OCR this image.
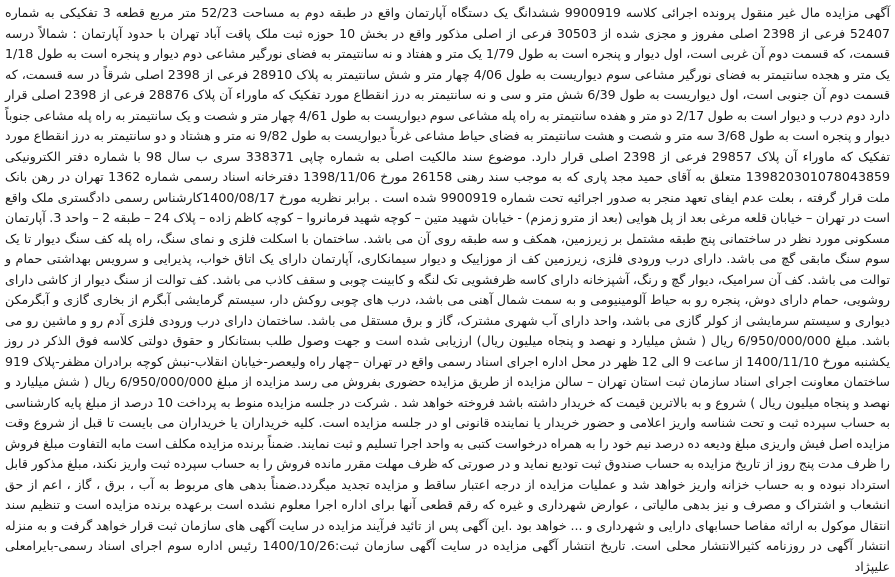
آگهی مزایده مال غیر منقول پرونده اجرائی کلاسه 9900919 ششدانگ یک دستگاه آپارتمان واقع در طبقه دوم به مساحت 52/23 متر مربع قطعه 3 تفکیکی به شماره 52407 فرعی از 2398 اصلی مفروز و مجزی شده از 30503 فرعی از اصلی مذکور واقع در بخش 10 حوزه ثبت ملک پاقت آباد تهران با حدود آپارتمان : شمالاً درسه قسمت، که قسمت دوم آن غربی است، اول دیوار و پنجره است به طول 1/79 یک متر و هفتاد و نه سانتیمتر به فضای نورگیر مشاعی دوم دیوار و پنجره است به طول 1/18 یک متر و هجده سانتیمتر به فضای نورگیر مشاعی سوم دیواریست به طول 4/06 چهار متر و شش سانتیمتر به پلاک 28910 فرعی از 2398 اصلی شرقاً در سه قسمت، که قسمت دوم آن جنوبی است، اول دیواریست به طول 6/39 شش متر و سی و نه سانتیمتر به درز انقطاع مورد تفکیک که ماوراء آن پلاک 28876 فرعی از 2398 اصلی قرار دارد دوم درب و دیوار است به طول 2/17 دو متر و هفده سانتیمتر به راه پله مشاعی سوم دیواریست به طول 4/61 چهار متر و شصت و یک سانتیمتر به راه پله مشاعی جنوباً دیوار و پنجره است به طول 3/68 سه متر و شصت و هشت سانتیمتر به فضای حیاط مشاعی غرباً دیواریست به طول 9/82 نه متر و هشتاد و دو سانتیمتر به درز انقطاع مورد تفکیک که ماوراء آن پلاک 29857 فرعی از 2398 اصلی قرار دارد. موضوع سند مالکیت اصلی به شماره چاپی 338371 سری ب سال 98 با شماره دفتر الکترونیکی 139820301078043859 متعلق به آقای حمید مجد پاری که به موجب سند رهنی 26158 مورخ 1398/11/06 دفترخانه اسناد رسمی شماره 1362 تهران در رهن بانک ملت قرار گرفته ، بعلت عدم ایفای تعهد منجر به صدور اجرائیه تحت شماره 9900919 شده است . برابر نظریه مورخ 1400/08/17کارشناس رسمی دادگستری ملک واقع است در تهران – خیابان قلعه مرغی بعد از پل هوایی (بعد از مترو زمزم) - خیابان شهید متین – کوچه شهید فرمانروا – کوچه کاظم زاده – پلاک 24 – طبقه 2 – واحد 3. آپارتمان مسکونی مورد نظر در ساختمانی پنج طبقه مشتمل بر زیرزمین، همکف و سه طبقه روی آن می باشد. ساختمان با اسکلت فلزی و نمای سنگ، راه پله کف سنگ دیوار تا یک سوم سنگ مابقی گچ می باشد. دارای درب ورودی فلزی، زیرزمین کف از موزاییک و دیوار سیمانکاری، آپارتمان دارای یک اتاق خواب، پذیرایی و سرویس بهداشتی حمام و توالت می باشد. کف آن سرامیک، دیوار گچ و رنگ، آشپزخانه دارای کاسه ظرفشویی تک لنگه و کابینت چوبی و سقف کاذب می باشد. کف توالت از سنگ دیوار از کاشی دارای روشویی، حمام دارای دوش، پنجره رو به حیاط آلومینیومی و به سمت شمال آهنی می باشد، درب های چوبی روکش دار، سیستم گرمایشی آبگرم از بخاری گازی و آبگرمکن دیواری و سیستم سرمایشی از کولر گازی می باشد، واحد دارای آب شهری مشترک، گاز و برق مستقل می باشد. ساختمان دارای درب ورودی فلزی آدم رو و ماشین رو می باشد. مبلغ 6/950/000/000 ریال ( شش میلیارد و نهصد و پنجاه میلیون ریال) ارزیابی شده است و جهت وصول طلب بستانکار و حقوق دولتی کلاسه فوق الذکر در روز یکشنبه مورخ 1400/11/10 از ساعت 9 الی 12 ظهر در محل اداره اجرای اسناد رسمی واقع در تهران –چهار راه ولیعصر-خیابان انقلاب-نبش کوچه برادران مظفر-پلاک 919 ساختمان معاونت اجرای اسناد سازمان ثبت استان تهران – سالن مزایده از طریق مزایده حضوری بفروش می رسد مزایده از مبلغ 6/950/000/000 ریال ( شش میلیارد و نهصد و پنجاه میلیون ریال ) شروع و به بالاترین قیمت که خریدار داشته باشد فروخته خواهد شد . شرکت در جلسه مزایده منوط به پرداخت 10 درصد از مبلغ پایه کارشناسی به حساب سپرده ثبت و تحت شناسه واریز اعلامی و حضور خریدار یا نماینده قانونی او در جلسه مزایده است. کلیه خریداران یا خریداران می بایست تا قبل از شروع وقت مزایده اصل فیش واریزی مبلغ ودیعه ده درصد نیم خود را به همراه درخواست کتبی به واحد اجرا تسلیم و ثبت نمایند. ضمناً برنده مزایده مکلف است مابه التفاوت مبلغ فروش را ظرف مدت پنج روز از تاریخ مزایده به حساب صندوق ثبت تودیع نماید و در صورتی که ظرف مهلت مقرر مانده فروش را به حساب سپرده ثبت واریز نکند، مبلغ مذکور قابل استرداد نبوده و به حساب خزانه واریز خواهد شد و عملیات مزایده از درجه اعتبار ساقط و مزایده تجدید میگردد.ضمناً بدهی های مربوط به آب ، برق ، گاز ، اعم از حق انشعاب و اشتراک و مصرف و نیز بدهی مالیاتی ، عوارض شهرداری و غیره که رقم قطعی آنها برای اداره اجرا معلوم نشده است برعهده برنده مزایده است و تنظیم سند انتقال موکول به ارائه مفاصا حسابهای دارایی و شهرداری و ... خواهد بود .این آگهی پس از تائید فرآیند مزایده در سایت آگهی های سازمان ثبت قرار خواهد گرفت و به منزله انتشار آگهی در روزنامه کثیرالانتشار محلی است. تاریخ انتشار آگهی مزایده در سایت آگهی سازمان ثبت:1400/10/26 رئیس اداره سوم اجرای اسناد رسمی-بایرامعلی علیپژاد
